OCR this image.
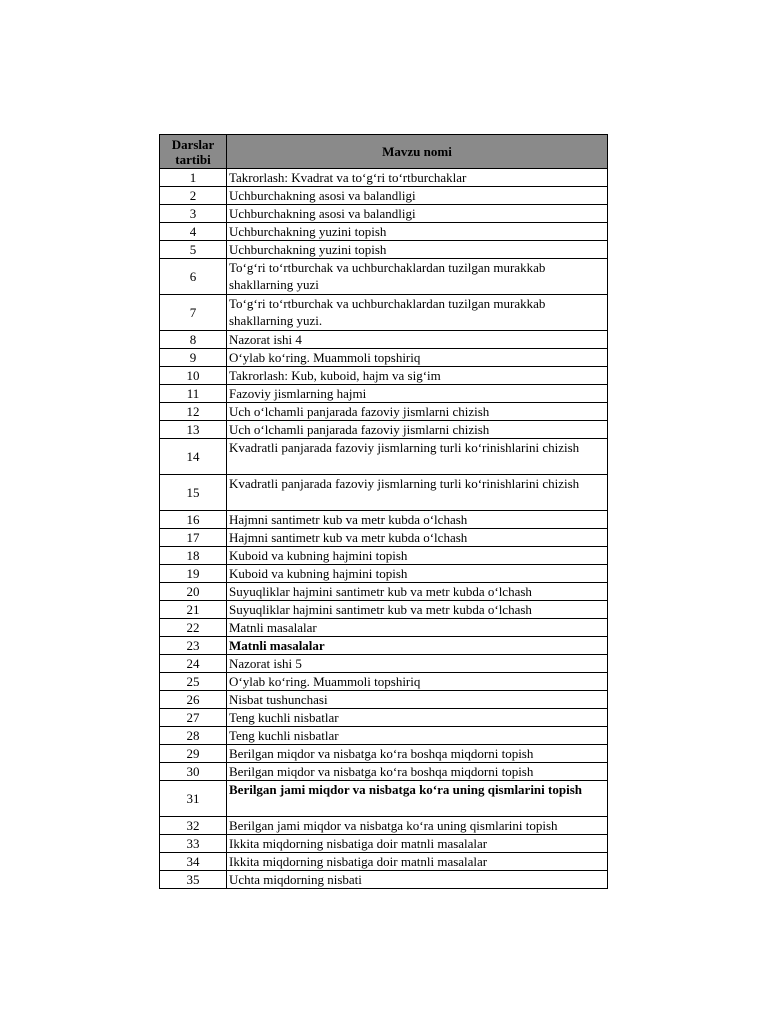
Darslar tartibi	Mavzu nomi
1	Takrorlash: Kvadrat va to‘g‘ri to‘rtburchaklar
2	Uchburchakning asosi va balandligi
3	Uchburchakning asosi va balandligi
4	Uchburchakning yuzini topish
5	Uchburchakning yuzini topish
6	To‘g‘ri to‘rtburchak va uchburchaklardan tuzilgan murakkab shakllarning yuzi
7	To‘g‘ri to‘rtburchak va uchburchaklardan tuzilgan murakkab shakllarning yuzi.
8	Nazorat ishi 4
9	O‘ylab ko‘ring. Muammoli topshiriq
10	Takrorlash: Kub, kuboid, hajm va sig‘im
11	Fazoviy jismlarning hajmi
12	Uch o‘lchamli panjarada fazoviy jismlarni chizish
13	Uch o‘lchamli panjarada fazoviy jismlarni chizish
14	Kvadratli panjarada fazoviy jismlarning turli ko‘rinishlarini chizish
15	Kvadratli panjarada fazoviy jismlarning turli ko‘rinishlarini chizish
16	Hajmni santimetr kub va metr kubda o‘lchash
17	Hajmni santimetr kub va metr kubda o‘lchash
18	Kuboid va kubning hajmini topish
19	Kuboid va kubning hajmini topish
20	Suyuqliklar hajmini santimetr kub va metr kubda o‘lchash
21	Suyuqliklar hajmini santimetr kub va metr kubda o‘lchash
22	Matnli masalalar
23	Matnli masalalar
24	Nazorat ishi 5
25	O‘ylab ko‘ring. Muammoli topshiriq
26	Nisbat tushunchasi
27	Teng kuchli nisbatlar
28	Teng kuchli nisbatlar
29	Berilgan miqdor va nisbatga ko‘ra boshqa miqdorni topish
30	Berilgan miqdor va nisbatga ko‘ra boshqa miqdorni topish
31	Berilgan jami miqdor va nisbatga ko‘ra uning qismlarini topish
32	Berilgan jami miqdor va nisbatga ko‘ra uning qismlarini topish
33	Ikkita miqdorning nisbatiga doir matnli masalalar
34	Ikkita miqdorning nisbatiga doir matnli masalalar
35	Uchta miqdorning nisbati
